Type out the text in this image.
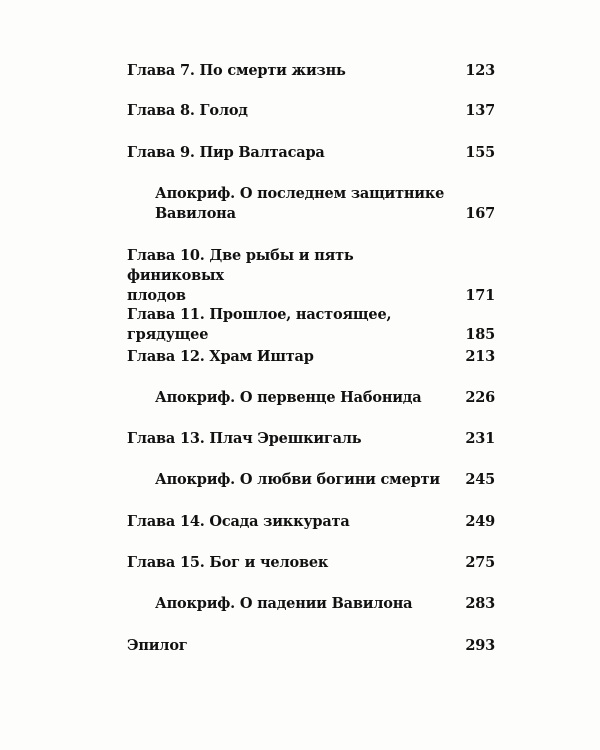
Глава 7. По смерти жизнь	123
Глава 8. Голод	137
Глава 9. Пир Валтасара	155
Апокриф. О последнем защитнике
Вавилона	167
Глава 10. Две рыбы и пять финиковых
плодов	171
Глава 11. Прошлое, настоящее, грядущее	185
Глава 12. Храм Иштар	213
Апокриф. О первенце Набонида	226
Глава 13. Плач Эрешкигаль	231
Апокриф. О любви богини смерти	245
Глава 14. Осада зиккурата	249
Глава 15. Бог и человек	275
Апокриф. О падении Вавилона	283
Эпилог	293
